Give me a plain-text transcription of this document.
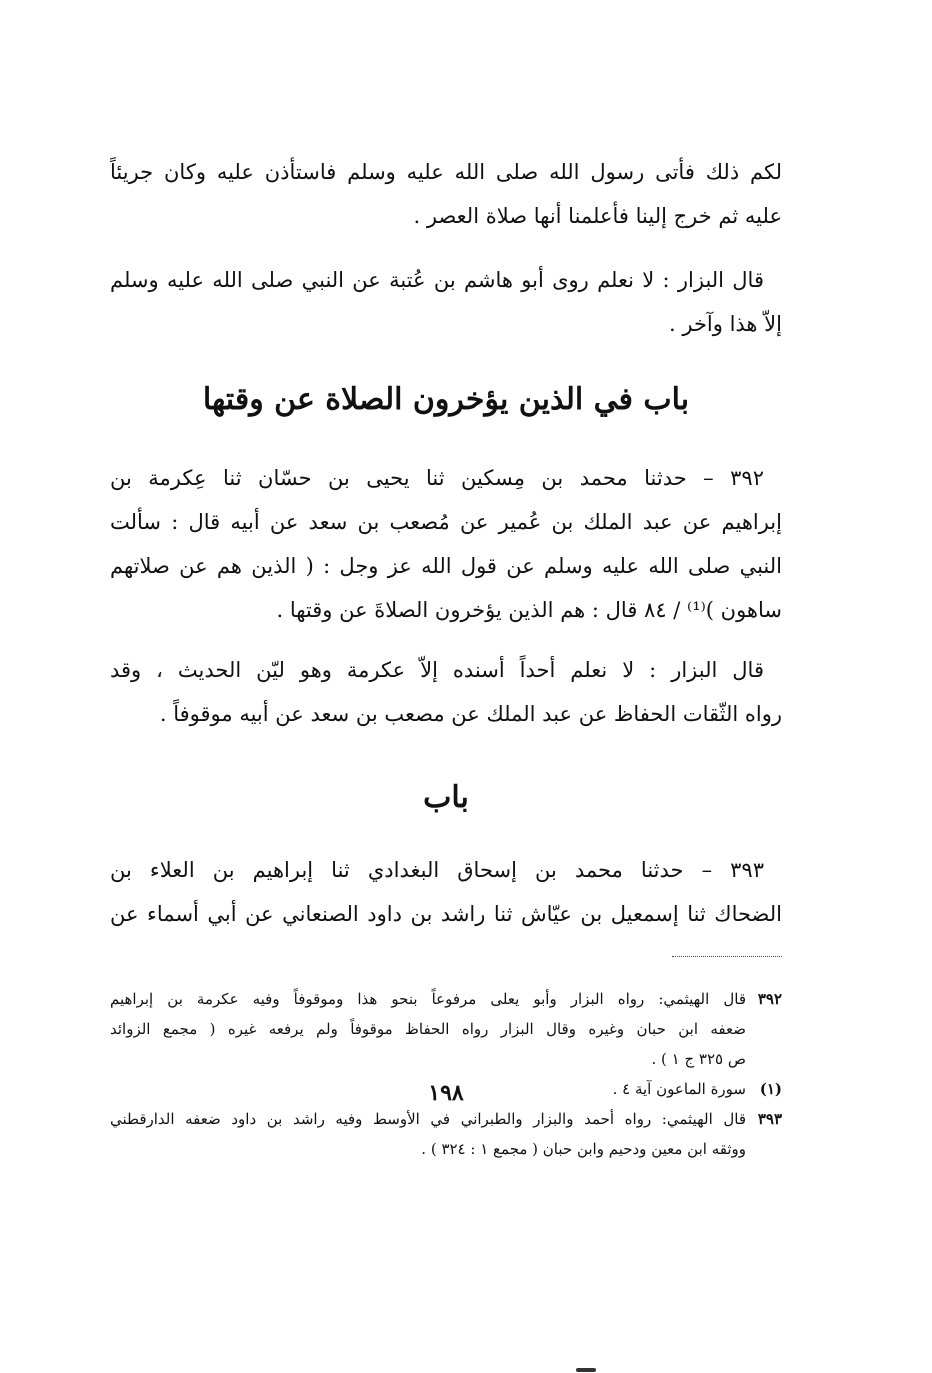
لكم ذلك فأتى رسول الله صلى الله عليه وسلم فاستأذن عليه وكان جريئاً
عليه ثم خرج إلينا فأعلمنا أنها صلاة العصر .
قال البزار : لا نعلم روى أبو هاشم بن عُتبة عن النبي صلى الله عليه وسلم
إلاّ هذا وآخر .
باب في الذين يؤخرون الصلاة عن وقتها
٣٩٢ – حدثنا محمد بن مِسكين ثنا يحيى بن حسّان ثنا عِكرمة بن
إبراهيم عن عبد الملك بن عُمير عن مُصعب بن سعد عن أبيه قال : سألت
النبي صلى الله عليه وسلم عن قول الله عز وجل : ( الذين هم عن صلاتهم
ساهون )⁽¹⁾ / ٨٤ قال : هم الذين يؤخرون الصلاةَ عن وقتها .
قال البزار : لا نعلم أحداً أسنده إلاّ عكرمة وهو ليّن الحديث ، وقد
رواه الثّقات الحفاظ عن عبد الملك عن مصعب بن سعد عن أبيه موقوفاً .
باب
٣٩٣ – حدثنا محمد بن إسحاق البغدادي ثنا إبراهيم بن العلاء بن
الضحاك ثنا إسمعيل بن عيّاش ثنا راشد بن داود الصنعاني عن أبي أسماء عن
٣٩٢
قال الهيثمي: رواه البزار وأبو يعلى مرفوعاً بنحو هذا وموقوفاً وفيه عكرمة بن إبراهيم
ضعفه ابن حبان وغيره وقال البزار رواه الحفاظ موقوفاً ولم يرفعه غيره ( مجمع الزوائد
ص ٣٢٥ ج ١ ) .
(١)
سورة الماعون آية ٤ .
٣٩٣
قال الهيثمي: رواه أحمد والبزار والطبراني في الأوسط وفيه راشد بن داود ضعفه الدارقطني
ووثقه ابن معين ودحيم وابن حبان ( مجمع ١ : ٣٢٤ ) .
١٩٨
